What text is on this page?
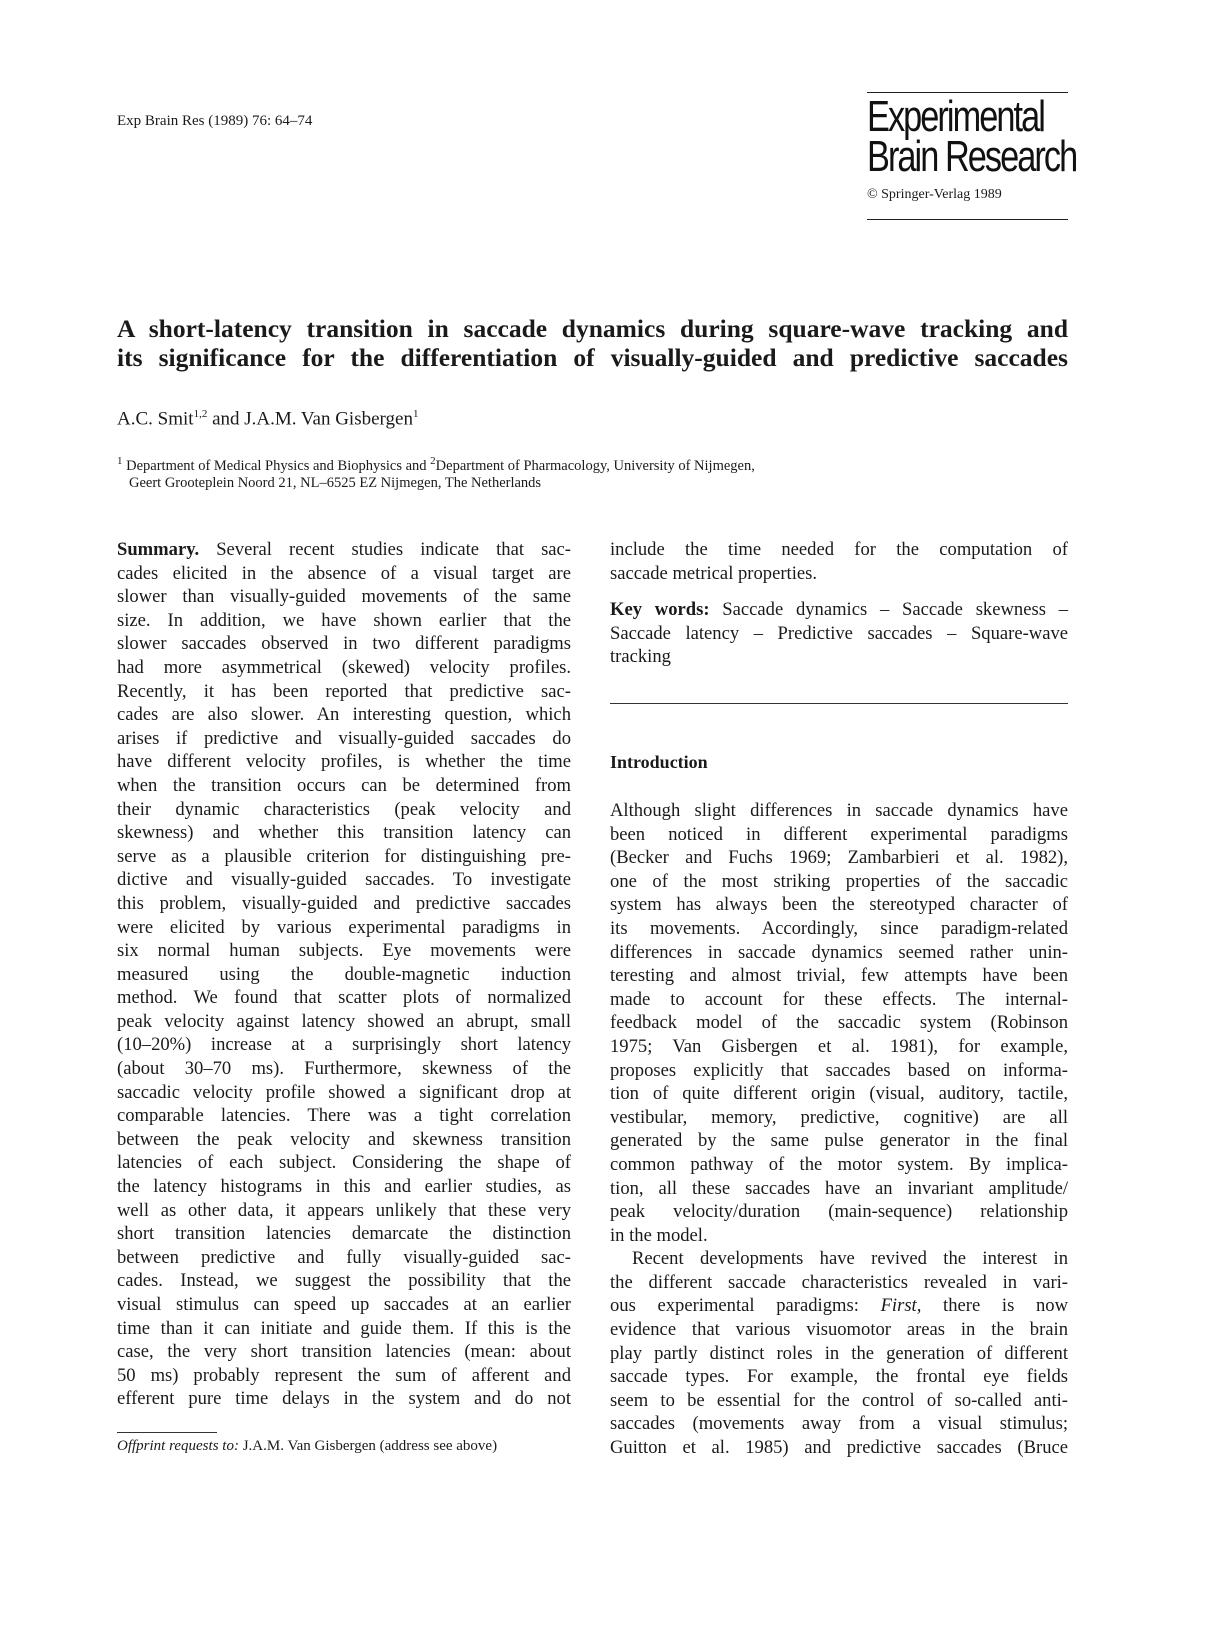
Exp Brain Res (1989) 76: 64–74	Experimental
Brain Research
© Springer-Verlag 1989
A short-latency transition in saccade dynamics during square-wave tracking and
its significance for the differentiation of visually-guided and predictive saccades
A.C. Smit$^{1,2}$ and J.A.M. Van Gisbergen$^1$
$^1$ Department of Medical Physics and Biophysics and $^2$Department of Pharmacology, University of Nijmegen,
Geert Grooteplein Noord 21, NL–6525 EZ Nijmegen, The Netherlands
Summary. Several recent studies indicate that sac-
cades elicited in the absence of a visual target are
slower than visually-guided movements of the same
size. In addition, we have shown earlier that the
slower saccades observed in two different paradigms
had more asymmetrical (skewed) velocity profiles.
Recently, it has been reported that predictive sac-
cades are also slower. An interesting question, which
arises if predictive and visually-guided saccades do
have different velocity profiles, is whether the time
when the transition occurs can be determined from
their dynamic characteristics (peak velocity and
skewness) and whether this transition latency can
serve as a plausible criterion for distinguishing pre-
dictive and visually-guided saccades. To investigate
this problem, visually-guided and predictive saccades
were elicited by various experimental paradigms in
six normal human subjects. Eye movements were
measured using the double-magnetic induction
method. We found that scatter plots of normalized
peak velocity against latency showed an abrupt, small
(10–20%) increase at a surprisingly short latency
(about 30–70 ms). Furthermore, skewness of the
saccadic velocity profile showed a significant drop at
comparable latencies. There was a tight correlation
between the peak velocity and skewness transition
latencies of each subject. Considering the shape of
the latency histograms in this and earlier studies, as
well as other data, it appears unlikely that these very
short transition latencies demarcate the distinction
between predictive and fully visually-guided sac-
cades. Instead, we suggest the possibility that the
visual stimulus can speed up saccades at an earlier
time than it can initiate and guide them. If this is the
case, the very short transition latencies (mean: about
50 ms) probably represent the sum of afferent and
efferent pure time delays in the system and do not
include the time needed for the computation of
saccade metrical properties.
Key words: Saccade dynamics – Saccade skewness –
Saccade latency – Predictive saccades – Square-wave
tracking
Introduction
Although slight differences in saccade dynamics have
been noticed in different experimental paradigms
(Becker and Fuchs 1969; Zambarbieri et al. 1982),
one of the most striking properties of the saccadic
system has always been the stereotyped character of
its movements. Accordingly, since paradigm-related
differences in saccade dynamics seemed rather unin-
teresting and almost trivial, few attempts have been
made to account for these effects. The internal-
feedback model of the saccadic system (Robinson
1975; Van Gisbergen et al. 1981), for example,
proposes explicitly that saccades based on informa-
tion of quite different origin (visual, auditory, tactile,
vestibular, memory, predictive, cognitive) are all
generated by the same pulse generator in the final
common pathway of the motor system. By implica-
tion, all these saccades have an invariant amplitude/
peak velocity/duration (main-sequence) relationship
in the model.
Recent developments have revived the interest in
the different saccade characteristics revealed in vari-
ous experimental paradigms: First, there is now
evidence that various visuomotor areas in the brain
play partly distinct roles in the generation of different
saccade types. For example, the frontal eye fields
seem to be essential for the control of so-called anti-
saccades (movements away from a visual stimulus;
Guitton et al. 1985) and predictive saccades (Bruce
Offprint requests to: J.A.M. Van Gisbergen (address see above)
